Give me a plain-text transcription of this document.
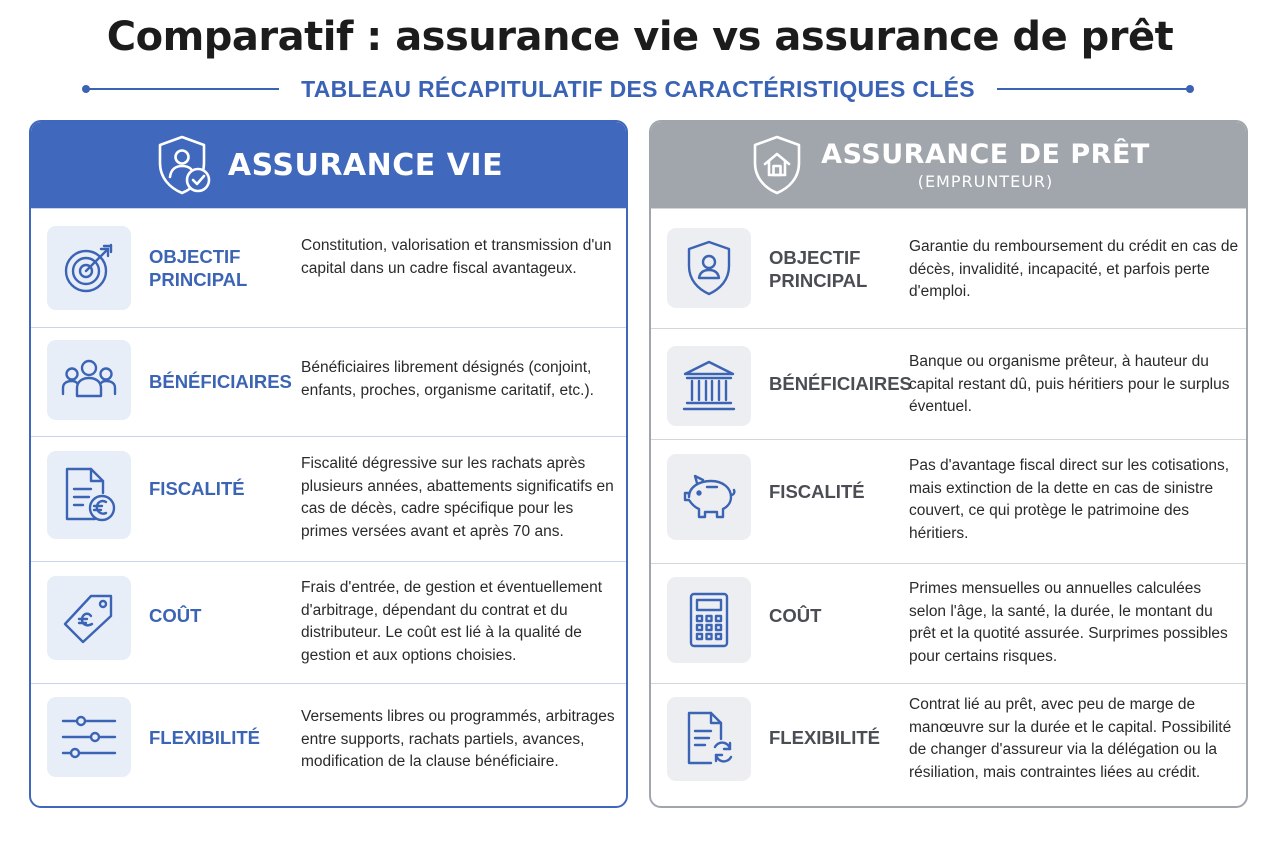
Comparatif : assurance vie vs assurance de prêt
TABLEAU RÉCAPITULATIF DES CARACTÉRISTIQUES CLÉS
ASSURANCE VIE
OBJECTIF PRINCIPAL
Constitution, valorisation et transmission d'un capital dans un cadre fiscal avantageux.
BÉNÉFICIAIRES
Bénéficiaires librement désignés (conjoint, enfants, proches, organisme caritatif, etc.).
FISCALITÉ
Fiscalité dégressive sur les rachats après plusieurs années, abattements significatifs en cas de décès, cadre spécifique pour les primes versées avant et après 70 ans.
COÛT
Frais d'entrée, de gestion et éventuellement d'arbitrage, dépendant du contrat et du distributeur. Le coût est lié à la qualité de gestion et aux options choisies.
FLEXIBILITÉ
Versements libres ou programmés, arbitrages entre supports, rachats partiels, avances, modification de la clause bénéficiaire.
ASSURANCE DE PRÊT
(EMPRUNTEUR)
OBJECTIF PRINCIPAL
Garantie du remboursement du crédit en cas de décès, invalidité, incapacité, et parfois perte d'emploi.
BÉNÉFICIAIRES
Banque ou organisme prêteur, à hauteur du capital restant dû, puis héritiers pour le surplus éventuel.
FISCALITÉ
Pas d'avantage fiscal direct sur les cotisations, mais extinction de la dette en cas de sinistre couvert, ce qui protège le patrimoine des héritiers.
COÛT
Primes mensuelles ou annuelles calculées selon l'âge, la santé, la durée, le montant du prêt et la quotité assurée. Surprimes possibles pour certains risques.
FLEXIBILITÉ
Contrat lié au prêt, avec peu de marge de manœuvre sur la durée et le capital. Possibilité de changer d'assureur via la délégation ou la résiliation, mais contraintes liées au crédit.
